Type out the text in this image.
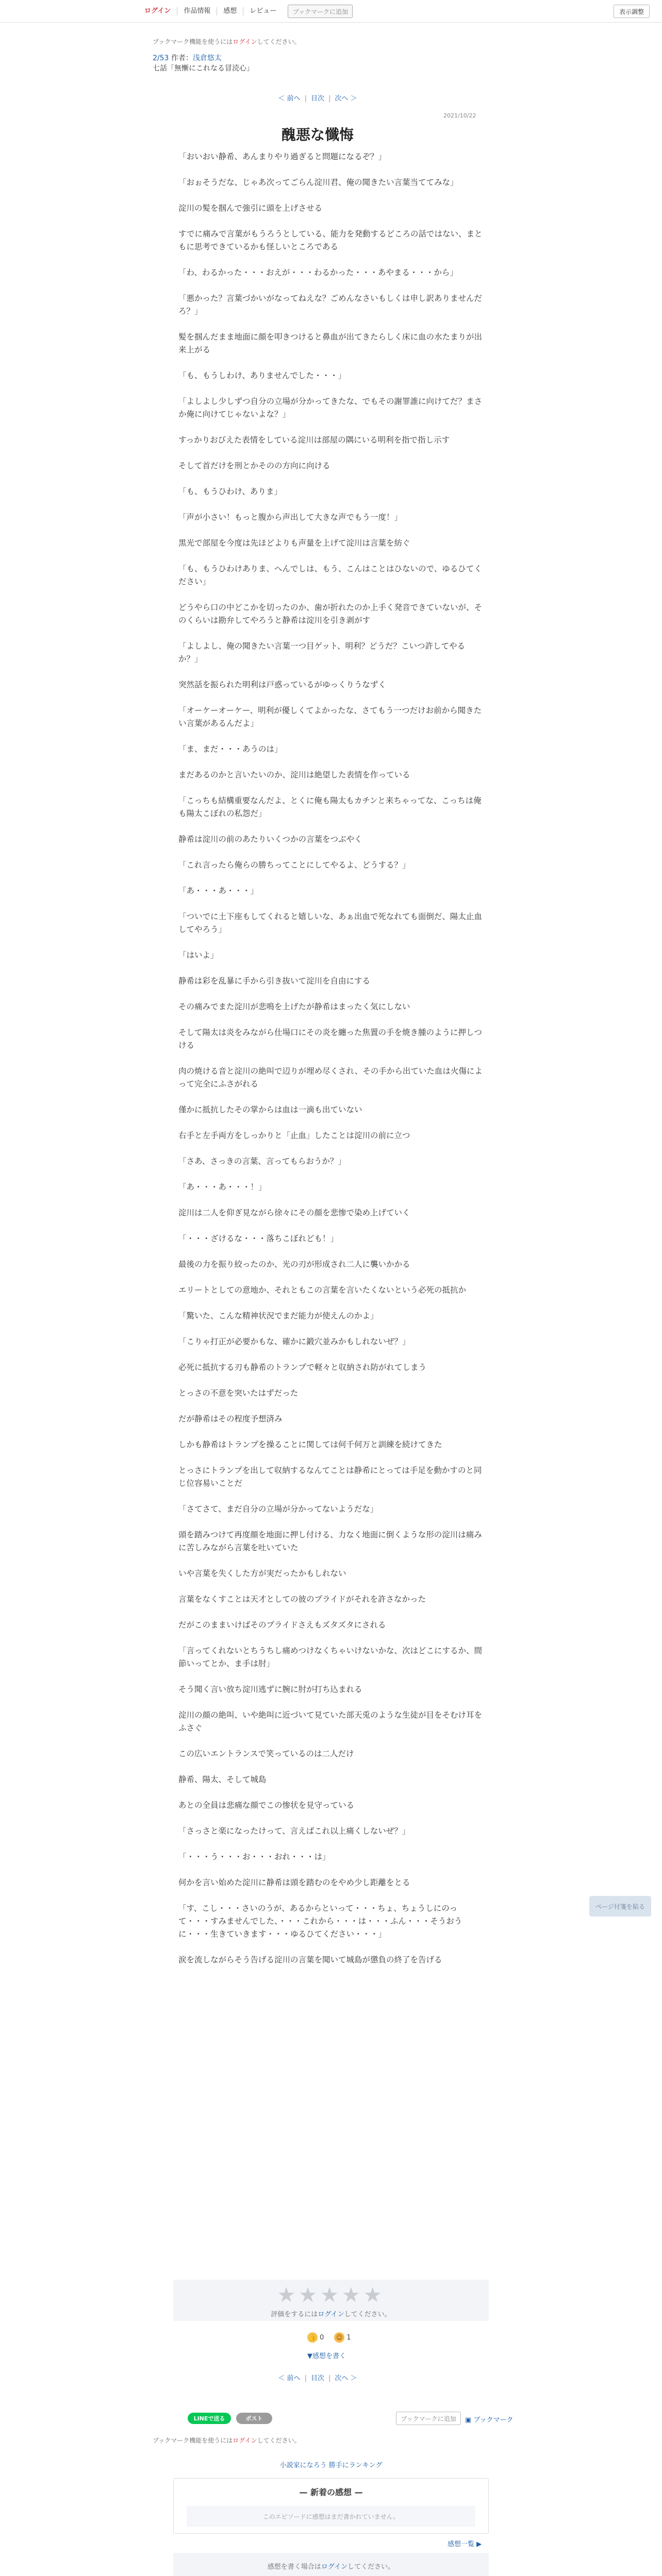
ログイン	作品情報	感想	レビュー	ブックマークに追加	表示調整
ブックマーク機能を使うにはログインしてください。
2/53 作者：浅倉悠太
七話「無慚にこれなる冒涜心」
＜ 前へ | 目次 | 次へ ＞
2021/10/22
醜悪な懺悔

「おいおい静希、あんまりやり過ぎると問題になるぞ？」

「おぉそうだな、じゃあ次ってごらん淀川君、俺の聞きたい言葉当ててみな」

淀川の髪を掴んで強引に頭を上げさせる

すでに痛みで言葉がもうろうとしている、能力を発動するどころの話ではない、まともに思考できているかも怪しいところである

「わ、わるかった・・・おえが・・・わるかった・・・あやまる・・・から」

「悪かった？言葉づかいがなってねえな？ごめんなさいもしくは申し訳ありませんだろ？」

髪を掴んだまま地面に顔を叩きつけると鼻血が出てきたらしく床に血の水たまりが出来上がる

「も、もうしわけ、ありませんでした・・・」

「よしよし少しずつ自分の立場が分かってきたな、でもその謝罪誰に向けてだ？まさか俺に向けてじゃないよな？」

すっかりおびえた表情をしている淀川は部屋の隅にいる明利を指で指し示す

そして首だけを刑とかそのの方向に向ける

「も、もうひわけ、ありま」

「声が小さい！もっと腹から声出して大きな声でもう一度！」

黒光で部屋を今度は先ほどよりも声量を上げて淀川は言葉を紡ぐ

「も、もうひわけありま、へんでしは、もう、こんはことはひないので、ゆるひてください」

どうやら口の中どこかを切ったのか、歯が折れたのか上手く発音できていないが、そのくらいは勘弁してやろうと静希は淀川を引き剥がす

「よしよし、俺の聞きたい言葉一つ目ゲット、明利？どうだ？こいつ許してやるか？」

突然話を振られた明利は戸惑っているがゆっくりうなずく

「オーケーオーケー、明利が優しくてよかったな、さてもう一つだけお前から聞きたい言葉があるんだよ」

「ま、まだ・・・あうのは」

まだあるのかと言いたいのか、淀川は絶望した表情を作っている

「こっちも結構重要なんだよ、とくに俺も陽太もカチンと来ちゃってな、こっちは俺も陽太こぼれの私怨だ」

静希は淀川の前のあたりいくつかの言葉をつぶやく

「これ言ったら俺らの勝ちってことにしてやるよ、どうする？」

「あ・・・あ・・・」

「ついでに土下座もしてくれると嬉しいな、あぁ出血で死なれても面倒だ、陽太止血してやろう」

「はいよ」

静希は彩を乱暴に手から引き抜いて淀川を自由にする

その痛みでまた淀川が悲鳴を上げたが静希はまったく気にしない

そして陽太は炎をみながら仕場口にその炎を纏った焦置の手を焼き腫のように押しつける

肉の焼ける音と淀川の絶叫で辺りが埋め尽くされ、その手から出ていた血は火傷によって完全にふさがれる

僅かに抵抗したその掌からは血は一滴も出ていない

右手と左手両方をしっかりと「止血」したことは淀川の前に立つ

「さあ、さっきの言葉、言ってもらおうか？」

「あ・・・あ・・・！」

淀川は二人を仰ぎ見ながら徐々にその顔を悲惨で染め上げていく

「・・・ざけるな・・・落ちこぼれども！」

最後の力を振り絞ったのか、光の刃が形成され二人に襲いかかる

エリートとしての意地か、それともこの言葉を言いたくないという必死の抵抗か

「驚いた、こんな精神状況でまだ能力が使えんのかよ」

「こりゃ打正が必要かもな、確かに鍛穴並みかもしれないぜ？」

必死に抵抗する刃も静希のトランプで軽々と収納され防がれてしまう

とっさの不意を突いたはずだった

だが静希はその程度予想済み

しかも静希はトランプを操ることに関しては何千何万と訓練を続けてきた

とっさにトランプを出して収納するなんてことは静希にとっては手足を動かすのと同じ位容易いことだ

「さてさて、まだ自分の立場が分かってないようだな」

頭を踏みつけて再度顔を地面に押し付ける、力なく地面に倒くような形の淀川は痛みに苦しみながら言葉を吐いていた

いや言葉を失くした方が実だったかもしれない

言葉をなくすことは天才としての彼のプライドがそれを許さなかった

だがこのままいけばそのプライドさえもズタズタにされる

「言ってくれないとちうちし痛めつけなくちゃいけないかな、次はどこにするか、間節いってとか、ま手は肘」

そう聞く言い放ち淀川逃ずに腕に肘が打ち込まれる

淀川の顔の絶叫、いや絶叫に近づいて見ていた部天兎のような生徒が目をそむけ耳をふさぐ

この広いエントランスで笑っているのは二人だけ

静希、陽太、そして城島

あとの全員は悲痛な顔でこの惨状を見守っている

「さっさと楽になったけって、言えばこれ以上痛くしないぜ？」

「・・・う・・・お・・・おれ・・・は」

何かを言い始めた淀川に静希は頭を踏むのをやめ少し距離をとる

「す、こし・・・さいのうが、あるからといって・・・ちょ、ちょうしにのって・・・すみませんでした、・・・これから・・・は・・・ふん・・・そうおうに・・・生きていきます・・・ゆるひてください・・・」

涙を流しながらそう告げる淀川の言葉を聞いて城島が懲負の終了を告げる

ページ付箋を貼る
★★★★★
評価をするにはログインしてください。
👍 0	☺ 1
▼感想を書く
＜ 前へ | 目次 | 次へ ＞
LINEで送る	ポスト	ブックマークに追加	▣ ブックマーク
ブックマーク機能を使うにはログインしてください。
小説家になろう 勝手にランキング
— 新着の感想 —
このエピソードに感想はまだ書かれていません。
感想一覧 ▶
感想を書く場合は ログイン してください。
